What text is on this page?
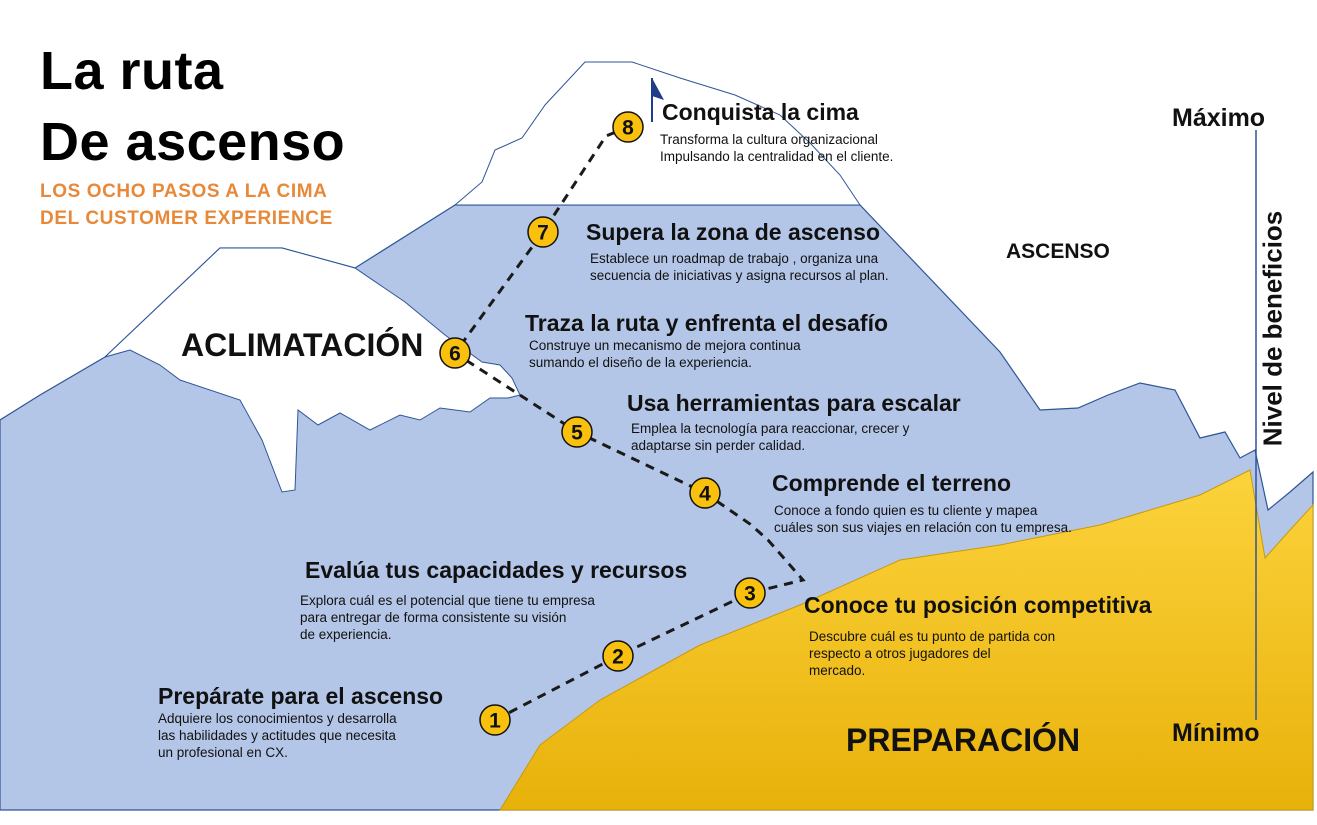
1
2
3
4
5
6
7
8
La ruta
De ascenso
LOS OCHO PASOS A LA CIMA
DEL CUSTOMER EXPERIENCE
ACLIMATACIÓN
ASCENSO
PREPARACIÓN
Máximo
Mínimo
Nivel de beneficios
Conquista la cima
Transforma la cultura organizacional
Impulsando la centralidad en el cliente.
Supera la zona de ascenso
Establece un roadmap de trabajo , organiza una
secuencia de iniciativas y asigna recursos al plan.
Traza la ruta y enfrenta el desafío
Construye un mecanismo de mejora continua
sumando el diseño de la experiencia.
Usa herramientas para escalar
Emplea la tecnología para reaccionar, crecer y
adaptarse sin perder calidad.
Comprende el terreno
Conoce a fondo quien es tu cliente y mapea
cuáles son sus viajes en relación con tu empresa.
Evalúa tus capacidades y recursos
Explora cuál es el potencial que tiene tu empresa
para entregar de forma consistente su visión
de experiencia.
Conoce tu posición competitiva
Descubre cuál es tu punto de partida con
respecto a otros jugadores del
mercado.
Prepárate para el ascenso
Adquiere los conocimientos y desarrolla
las habilidades y actitudes que necesita
un profesional en CX.
